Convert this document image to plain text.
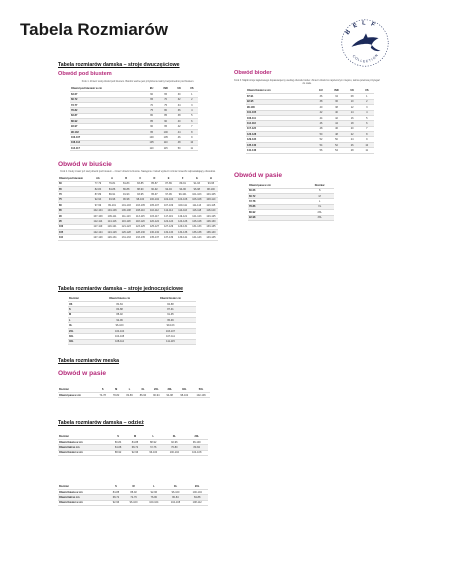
Tabela Rozmiarów	BELF
COLLECTION
Tabela rozmiarów damska – stroje dwuczęściowe
Obwód pod biustem
Krok 1. Zmierz swój obwód pod biustem. Bardzo ważne jest przyłożenie taśmy bezpośrednio pod biustem.
Obwód pod biustem w cm	EU	IND	UK	US
63-67	60	65	30	1
68-72	65	70	32	2
73-77	70	75	34	3
78-82	75	80	36	4
83-87	80	85	38	5
88-92	85	90	40	6
93-97	90	95	42	7
98-102	95	100	44	8
103-107	100	105	46	9
108-112	105	110	48	10
113-117	110	115	50	11
Obwód w biuście
Krok 2. Kiedy znasz już swój obwód pod biustem – zmierz obwód w biuście. Następnie z tabeli wybierz rozmiar miseczki odpowiadający obwodowi.
Obwód pod biustem	AA	A	B	C	D	E	F	G	H
60	77-79	79-81	81-83	83-85	85-87	87-89	89-91	91-93	93-95
65	82-84	84-86	86-88	88-90	90-92	92-94	94-96	96-98	98-100
70	87-89	89-91	91-93	93-95	95-97	97-99	99-101	101-103	103-105
75	92-94	94-96	96-98	98-100	100-102	102-104	104-106	106-108	108-110
80	97-99	99-101	101-103	103-105	105-107	107-109	109-111	111-113	113-115
85	102-104	104-106	106-108	108-110	110-112	112-114	114-116	116-118	118-120
90	107-109	109-111	111-113	113-115	115-117	117-119	119-121	121-123	123-125
95	112-114	114-116	116-118	118-120	120-122	122-124	124-126	126-128	128-130
100	117-119	119-121	121-123	123-125	125-127	127-129	129-131	131-133	133-135
105	122-124	124-126	126-128	128-130	130-132	132-134	134-136	136-138	138-140
110	127-129	129-131	131-133	133-135	135-137	137-139	139-141	141-143	143-145
Obwód bioder
Krok 3. Majtki stroju kąpielowego dopasowujemy według obwodu bioder. Zmierz obwód w najszerszym miejscu, taśma powinna przylegać do ciała.
Obwód bioder w cm	EU	IND	UK	US
87-91	36	34	08	1
92-95	38	36	10	2
96-100	40	38	12	3
101-105	42	40	14	4
106-111	44	42	16	5
112-116	46	44	18	6
117-122	48	46	20	7
123-128	50	48	22	8
129-134	52	50	24	9
135-140	54	52	26	10
141-146	56	54	28	11
Obwód w pasie
Obwód pasa w cm	Rozmiar
60-66	S
66-72	M
72-78	L
78-86	XL
86-92	2XL
92-98	3XL
Tabela rozmiarów damska – stroje jednoczęściowe
Rozmiar	Obwód biustu cm	Obwód bioder cm
XS	80-84	84-88
S	84-88	87-91
M	88-92	91-95
L	92-96	95-99
XL	96-100	99-103
2XL	100-104	103-107
3XL	104-108	107-111
4XL	108-112	111-115
Tabela rozmiarów meska
Obwód w pasie
Rozmiar	S	M	L	XL	2XL	3XL	4XL	5XL
Obwód pasa w cm	74-78	78-82	82-86	86-90	90-94	94-98	98-102	102-106
Tabela rozmiarów damska – odzież
Rozmiar	S	M	L	XL	2XL
Obwód biustu w cm	80-84	84-88	88-92	92-96	96-100
Obwód talii w cm	64-68	68-72	72-76	76-80	80-84
Obwód bioder w cm	88-92	92-96	96-100	100-104	104-108
Rozmiar	S	M	L	XL	2XL
Obwód biustu w cm	84-88	88-92	92-96	96-100	100-104
Obwód talii w cm	68-72	72-76	76-80	80-84	84-88
Obwód bioder w cm	92-96	96-100	100-104	104-108	108-112
